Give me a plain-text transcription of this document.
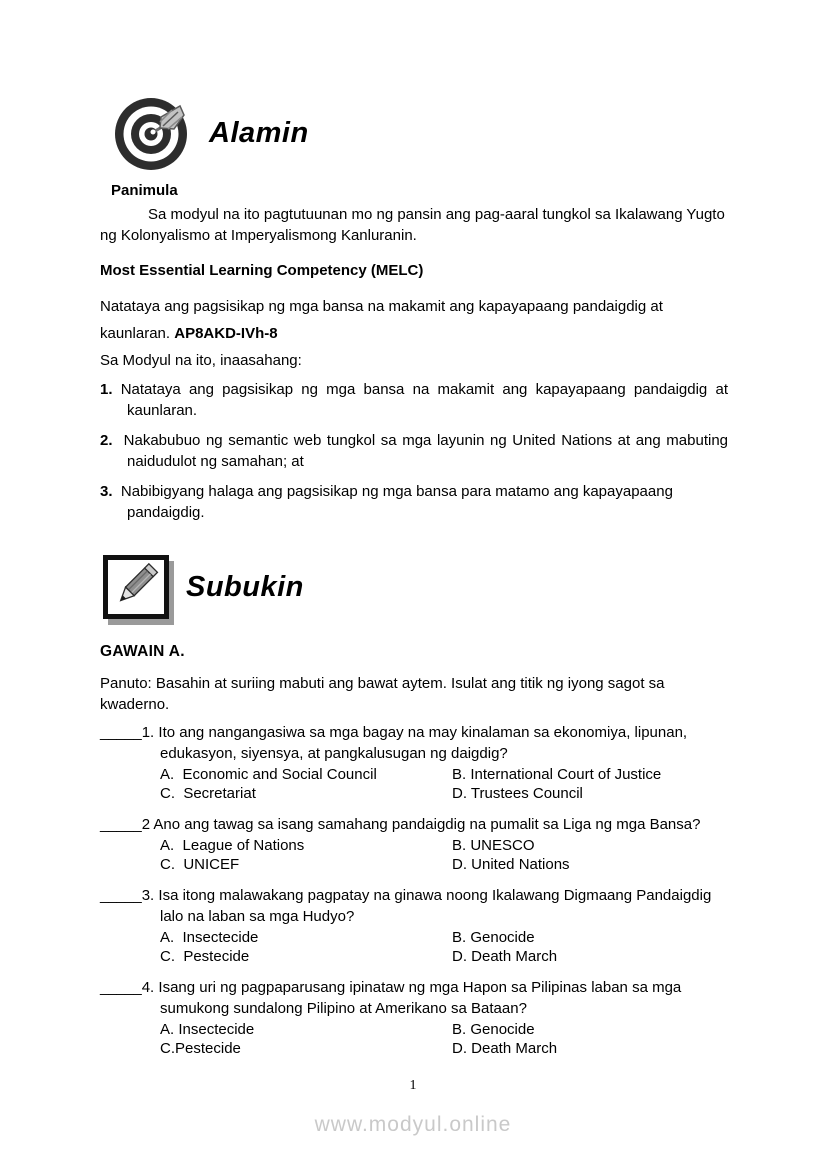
Alamin
Panimula

Sa modyul na ito pagtutuunan mo ng pansin ang pag-aaral tungkol sa Ikalawang Yugto ng Kolonyalismo at Imperyalismong Kanluranin.

Most Essential Learning Competency (MELC)

Natataya ang pagsisikap ng mga bansa na makamit ang kapayapaang pandaigdig at kaunlaran. AP8AKD-IVh-8

Sa Modyul na ito, inaasahang:

1. Natataya ang pagsisikap ng mga bansa na makamit ang kapayapaang pandaigdig at kaunlaran.
2.  Nakabubuo ng semantic web tungkol sa mga layunin ng United Nations at ang mabuting naidudulot ng samahan; at
3.  Nabibigyang halaga ang pagsisikap ng mga bansa para matamo ang kapayapaang pandaigdig.
Subukin
GAWAIN A.

Panuto: Basahin at suriing mabuti ang bawat aytem. Isulat ang titik ng iyong sagot sa kwaderno.

_____1. Ito ang nangangasiwa sa mga bagay na may kinalaman sa ekonomiya, lipunan, edukasyon, siyensya, at pangkalusugan ng daigdig?
A.  Economic and Social Council	B. International Court of Justice
C.  Secretariat	D. Trustees Council
_____2 Ano ang tawag sa isang samahang pandaigdig na pumalit sa Liga ng mga Bansa?
A.  League of Nations	B. UNESCO
C.  UNICEF	D. United Nations
_____3. Isa itong malawakang pagpatay na ginawa noong Ikalawang Digmaang Pandaigdig lalo na laban sa mga Hudyo?
A.  Insectecide	B. Genocide
C.  Pestecide	D. Death March
_____4. Isang uri ng pagpaparusang ipinataw ng mga Hapon sa Pilipinas laban sa mga sumukong sundalong Pilipino at Amerikano sa Bataan?
A. Insectecide	B. Genocide
C.Pestecide	D. Death March
1
www.modyul.online
